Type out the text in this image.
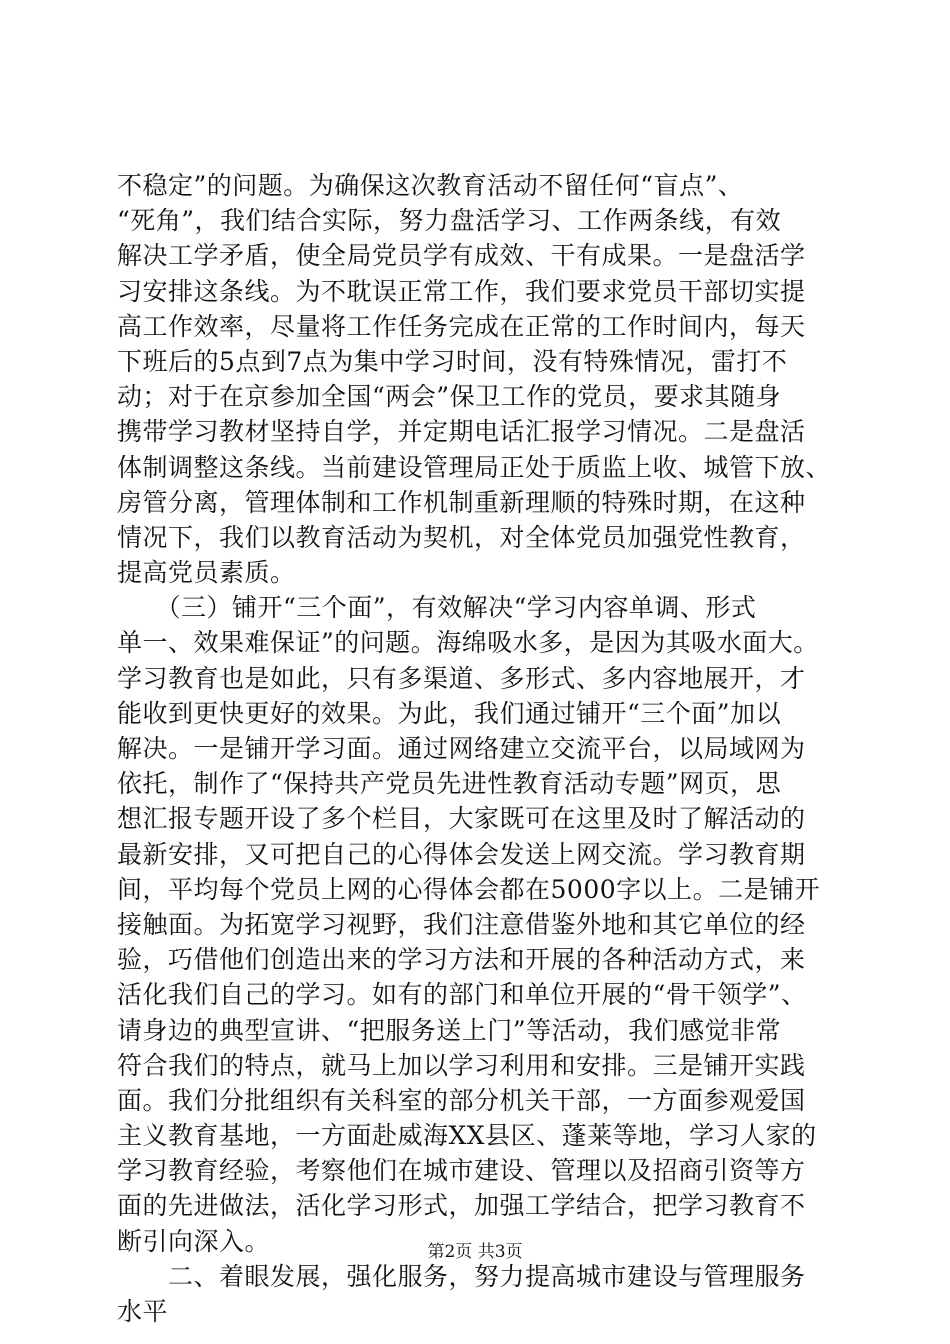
不稳定”的问题。为确保这次教育活动不留任何“盲点”、
“死角”，我们结合实际，努力盘活学习、工作两条线，有效
解决工学矛盾，使全局党员学有成效、干有成果。一是盘活学
习安排这条线。为不耽误正常工作，我们要求党员干部切实提
高工作效率，尽量将工作任务完成在正常的工作时间内，每天
下班后的5点到7点为集中学习时间，没有特殊情况，雷打不
动；对于在京参加全国“两会”保卫工作的党员，要求其随身
携带学习教材坚持自学，并定期电话汇报学习情况。二是盘活
体制调整这条线。当前建设管理局正处于质监上收、城管下放、
房管分离，管理体制和工作机制重新理顺的特殊时期，在这种
情况下，我们以教育活动为契机，对全体党员加强党性教育，
提高党员素质。
　　（三）铺开“三个面”，有效解决“学习内容单调、形式
单一、效果难保证”的问题。海绵吸水多，是因为其吸水面大。
学习教育也是如此，只有多渠道、多形式、多内容地展开，才
能收到更快更好的效果。为此，我们通过铺开“三个面”加以
解决。一是铺开学习面。通过网络建立交流平台，以局域网为
依托，制作了“保持共产党员先进性教育活动专题”网页，思
想汇报专题开设了多个栏目，大家既可在这里及时了解活动的
最新安排，又可把自己的心得体会发送上网交流。学习教育期
间，平均每个党员上网的心得体会都在5000字以上。二是铺开
接触面。为拓宽学习视野，我们注意借鉴外地和其它单位的经
验，巧借他们创造出来的学习方法和开展的各种活动方式，来
活化我们自己的学习。如有的部门和单位开展的“骨干领学”、
请身边的典型宣讲、“把服务送上门”等活动，我们感觉非常
符合我们的特点，就马上加以学习利用和安排。三是铺开实践
面。我们分批组织有关科室的部分机关干部，一方面参观爱国
主义教育基地，一方面赴威海XX县区、蓬莱等地，学习人家的
学习教育经验，考察他们在城市建设、管理以及招商引资等方
面的先进做法，活化学习形式，加强工学结合，把学习教育不
断引向深入。
　　二、着眼发展，强化服务，努力提高城市建设与管理服务
水平
第2页 共3页
